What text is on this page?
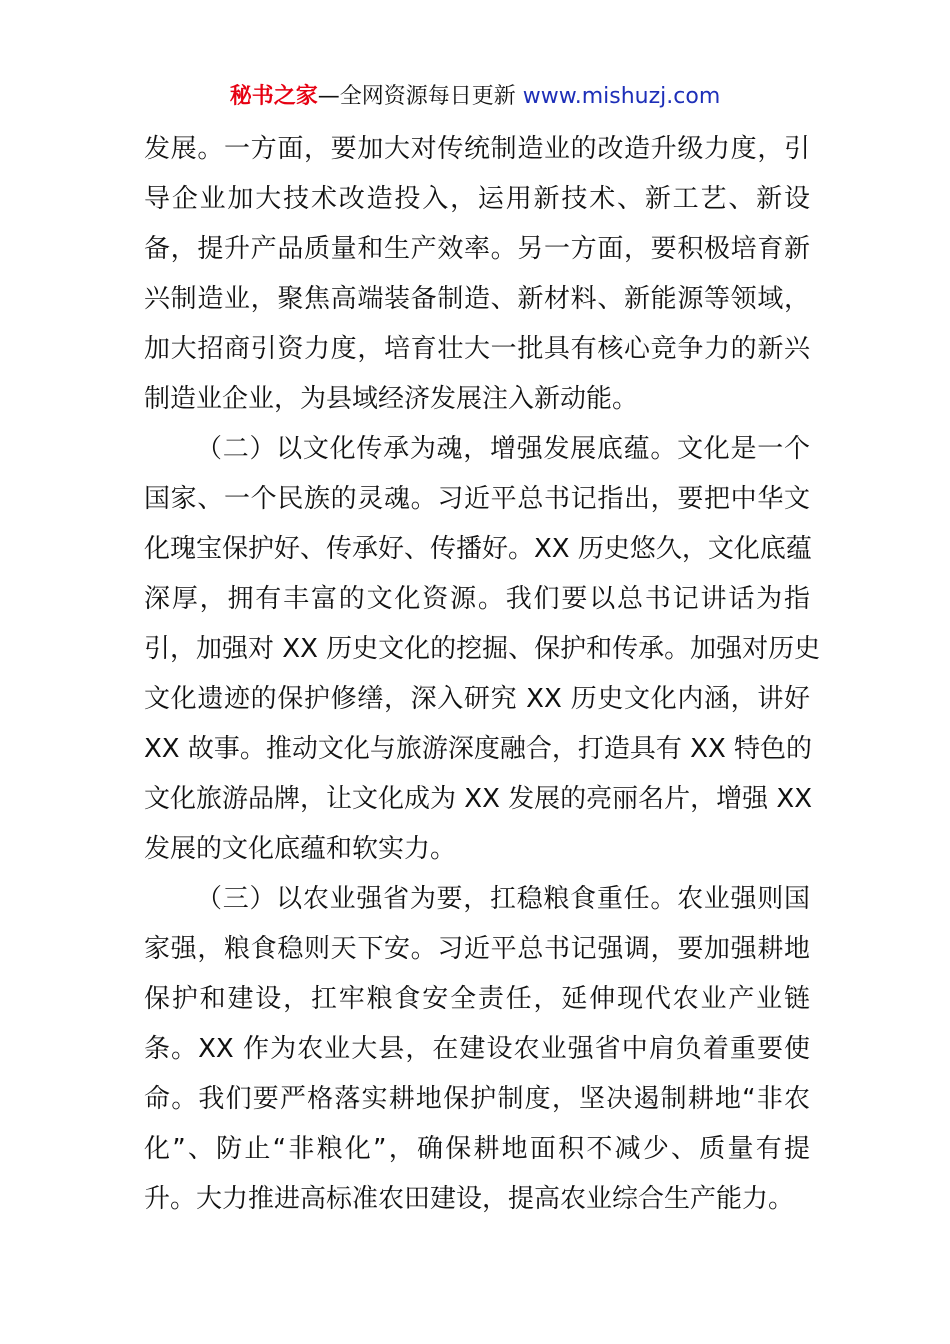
秘书之家—全网资源每日更新 www.mishuzj.com
发展。一方面，要加大对传统制造业的改造升级力度，引
导企业加大技术改造投入，运用新技术、新工艺、新设
备，提升产品质量和生产效率。另一方面，要积极培育新
兴制造业，聚焦高端装备制造、新材料、新能源等领域，
加大招商引资力度，培育壮大一批具有核心竞争力的新兴
制造业企业，为县域经济发展注入新动能。
（二）以文化传承为魂，增强发展底蕴。文化是一个
国家、一个民族的灵魂。习近平总书记指出，要把中华文
化瑰宝保护好、传承好、传播好。XX 历史悠久，文化底蕴
深厚，拥有丰富的文化资源。我们要以总书记讲话为指
引，加强对 XX 历史文化的挖掘、保护和传承。加强对历史
文化遗迹的保护修缮，深入研究 XX 历史文化内涵，讲好
XX 故事。推动文化与旅游深度融合，打造具有 XX 特色的
文化旅游品牌，让文化成为 XX 发展的亮丽名片，增强 XX
发展的文化底蕴和软实力。
（三）以农业强省为要，扛稳粮食重任。农业强则国
家强，粮食稳则天下安。习近平总书记强调，要加强耕地
保护和建设，扛牢粮食安全责任，延伸现代农业产业链
条。XX 作为农业大县，在建设农业强省中肩负着重要使
命。我们要严格落实耕地保护制度，坚决遏制耕地“非农
化”、防止“非粮化”，确保耕地面积不减少、质量有提
升。大力推进高标准农田建设，提高农业综合生产能力。
